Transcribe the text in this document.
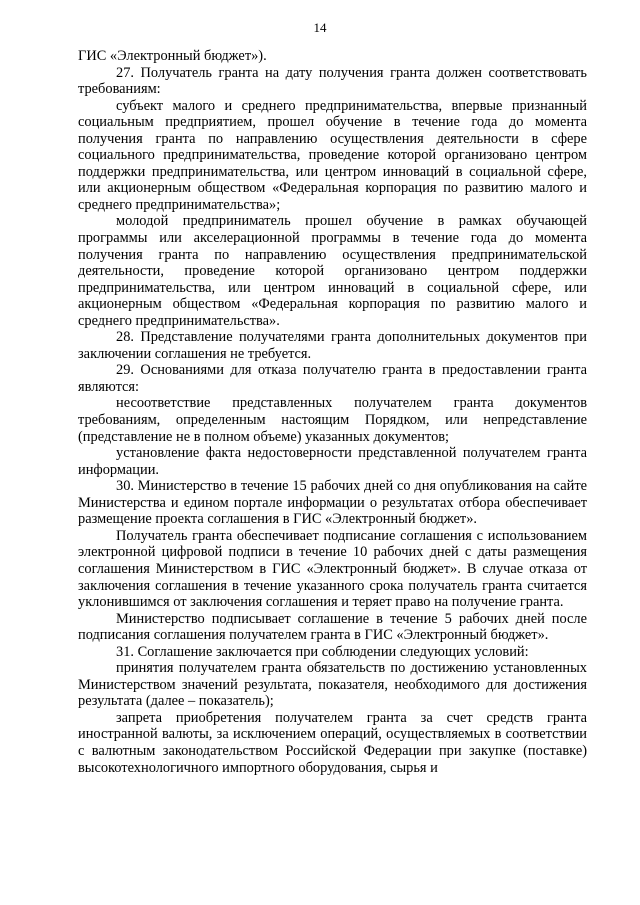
14

ГИС «Электронный бюджет»).

27. Получатель гранта на дату получения гранта должен соответствовать требованиям:

субъект малого и среднего предпринимательства, впервые признанный социальным предприятием, прошел обучение в течение года до момента получения гранта по направлению осуществления деятельности в сфере социального предпринимательства, проведение которой организовано центром поддержки предпринимательства, или центром инноваций в социальной сфере, или акционерным обществом «Федеральная корпорация по развитию малого и среднего предпринимательства»;

молодой предприниматель прошел обучение в рамках обучающей программы или акселерационной программы в течение года до момента получения гранта по направлению осуществления предпринимательской деятельности, проведение которой организовано центром поддержки предпринимательства, или центром инноваций в социальной сфере, или акционерным обществом «Федеральная корпорация по развитию малого и среднего предпринимательства».

28. Представление получателями гранта дополнительных документов при заключении соглашения не требуется.

29. Основаниями для отказа получателю гранта в предоставлении гранта являются:

несоответствие представленных получателем гранта документов требованиям, определенным настоящим Порядком, или непредставление (представление не в полном объеме) указанных документов;

установление факта недостоверности представленной получателем гранта информации.

30. Министерство в течение 15 рабочих дней со дня опубликования на сайте Министерства и едином портале информации о результатах отбора обеспечивает размещение проекта соглашения в ГИС «Электронный бюджет».

Получатель гранта обеспечивает подписание соглашения с использованием электронной цифровой подписи в течение 10 рабочих дней с даты размещения соглашения Министерством в ГИС «Электронный бюджет». В случае отказа от заключения соглашения в течение указанного срока получатель гранта считается уклонившимся от заключения соглашения и теряет право на получение гранта.

Министерство подписывает соглашение в течение 5 рабочих дней после подписания соглашения получателем гранта в ГИС «Электронный бюджет».

31. Соглашение заключается при соблюдении следующих условий:

принятия получателем гранта обязательств по достижению установленных Министерством значений результата, показателя, необходимого для достижения результата (далее – показатель);

запрета приобретения получателем гранта за счет средств гранта иностранной валюты, за исключением операций, осуществляемых в соответствии с валютным законодательством Российской Федерации при закупке (поставке) высокотехнологичного импортного оборудования, сырья и
